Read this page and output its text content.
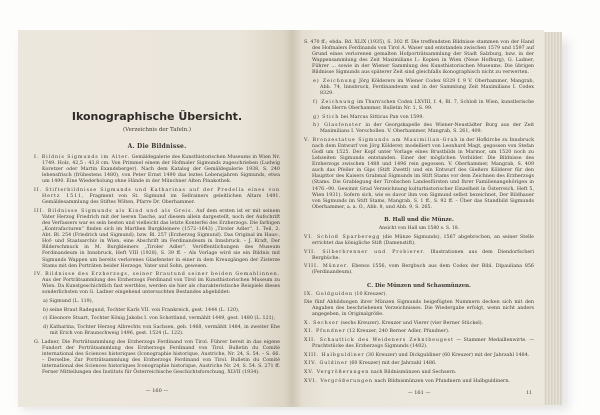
Ikonographische Übersicht.
(Verzeichnis der Tafeln.)
A. Die Bildnisse.

I. Bildnis Sigmunds im Alter. Gemäldegalerie des Kunsthistorischen Museums in Wien Nr. 1749. Holz, 42,5 : 43,8 cm. Von Primmel einem der Hofmaler Sigmunds zugeschrieben (Ludwig Koretzer oder Martin Exandsberger). Nach dem Katalog der Gemäldegalerie 1938, S. 240 lebensfrisch (frühestens 1480), von Peter Ernst 1490 das leztes Lebensjahren Sigmunds, etwa um 1490. Eine Wiederholung ohne Hände in der Münchner Alten Pinakothek.

II. Stifterbildnisse Sigmunds und Katharinas auf der Predella eines von Hertz 1511, Fragment von St. Sigmund im Sellrainers geleitlichen Altars 1491. Gemäldesammlung des Stiftes Wilten, Pfarre Dr. Oberhammer.

III. Bildnisse Sigmunds als Kind und als Greis. Auf dem ersten ist er mit seinem Vater Herzog Friedrich mit der leeren Tasche, auf diesem allein dargestellt, noch der Aufschrift des Verfassers war es sein besten und vielleicht das letzte Konterfei des Erzherzogs. Die farbigen „Kontrafacturen“ finden sich im Marthen Burgkleinere (1572–1643) „Tiroler Adler“, 1. Teil, 2. Abt. Bl. 254 (Friedrich und Sigmund), bzw. Bl. 257 (Erzherzog Sigmund). Das Original im Haus-, Hof- und Staatsarchiv in Wien, eine Abschrift im Ferdinandeum in Innsbruck. – J. Kraft, Der Bilderschmuck in M. Burgkleiners „Tiroler Adler“. Veröffentlichungen des Museum Ferdinandeum in Innsbruck, Heft VIII (1928), S. 39 ff. – Als Vorlage wird sie ein Bildnis mit Sigmunds Wappen um bereits verlorenes Glasfenster in einer in dem Kreuzgängen der Zisterze Stams mit den Porträten beider Herzoge, Vater und Sohn, gewesen.

IV. Bildnisse des Erzherzogs, seiner Brautund seiner beiden Gemahlinnen. Aus der Porträtsammlung des Erzherzogs Ferdinand von Tirol im Kunsthistorischen Museum zu Wien. Da Kunstgeschichtlich fast werthlos, werden sie hier als charakteristische Beispiele dieses sonderlichsten von G. Ladner eingehend untersuchten Bestandes abgebildet:

a) Sigmund (L. 119),

b) seine Braut Radegund, Tochter Karls VII. von Frankreich, gest. 1444 (L. 120),

c) Eleonore Stuart, Tochter König Jakobs I. von Schottland, vermählt 1449, gest. 1480 (L. 121),

d) Katharina, Tochter Herzog Albrechts von Sachsen, geb. 1468, vermählt 1484, in zweiter Ehe mit Erich von Braunschweig 1496, gest. 1524 (L. 122).

G. Ladner, Die Porträtsammlung des Erzherzogs Ferdinand von Tirol. Führer bereit in das eigene Fundort der Porträtsammlung des Erzherzogs Ferdinand von Tirol. Bulletin du Comité international des Sciences historiques (Iconographie historique, Austriche, Nr. 24, S. 54. – S. 66. – Derselbe, Zur Porträtsammlung des Erzherzogs Ferdinand von Tirol. Bulletin du Comité international des Sciences historiques Iconographie historique, Austriche Nr. 24, S. 54. S. 271 ff. Ferner Mitteilungen des Instituts für Österreichische Geschichtsforschung, XLVII (1934).

— 160 —

S. 470 ff.; ebda. Bd. XLIX (1935), S. 302 ff. Die treffendsten Bildnisse stammen von der Hand des Hofmalers Ferdinands von Tirol A. Waser und entstanden zwischen 1579 und 1597 auf Grund eines verlorenen gemalten Hofporträtsammlung der Stadt Salzburg, bzw. in der Wappensammlung des Zeit Maximilians I.: Kopien in Wien (Neue Hofburg), G. Ladner, Führer ... sowie in der Wiener Sammlung des Kunsthistorischen Museums. Die übrigen Bildnisse Sigmunds aus späterer Zeit sind gleichfalls ikonographisch nicht zu verwerten.

e) Zeichnung Jörg Kölderers im Wiener Codex 8329 f. 9 V. Oberhammer, Mangrab, Abb. 74, Innsbruck, Ferdinandeum und in der Sammlung Zeit Maximilians I. Codex 8329.

f) Zeichnung im Thurn'schen Codex LXVIII, f. 4, Bl. 7, Schloß in Wien, kunstlerische dem Herrn Oberhammer. Bulletin Nr. 1, S. 99.

g) Stich bei Marcus Sitticus Pan von 1599.

h) Glasfenster in der Georgskapelle des Wiener-Neustädter Burg aus der Zeit Maximilians I. Verschollen. V. Oberhammer, Mangrab, S. 261, 409.

V. Bronzestatue Sigmunds am Maximilian-Grab in der Hofkirche zu Innsbruck nach dem Entwurf von Jörg Kölderer, modelliert von Leonhard Magt, gegossen von Stefan Godl um 1525. Der Kopf unter Vorlage eines Brustbilds in Marmor, um 1520 noch zu Lebzeiten Sigmunds entstanden. Einer der möglichen Vorbilder. Die Bildnisse des Erzherzogs zwischen 1488 und 1496 rein gegossen. V. Oberhammer, Mangrab, S. 409 auch das Pfeiler in Gips (Stift Zwettl) und ein Entwurf des Gießers Kölderer für den Haupttor des Kaisers Grabmal Sigmunds im Stift Stams vor dem Zeichnen des Erzherzogs (Stams. Die Grablegung der Tirolischen Landesfürsten und Ihrer Familienangehörigen in 1476.–90. Gewinnt Grad Verzeichnung kulturhistorischer Einzelheit in Österreich, Heft 5, Wien 1931). Sofern sich, wie es davor ihm von Sigmund selbst bezeichnet, Der Bildhauer von Sigmunds im Stift Stams, Mangrab, S. 1 ff., S. 92 ff. – Über das Standbild Sigmunds Oberhammer, a. a. O., Abb. 8, und Abb. 9, S. 265.

B. Hall und die Münze.
Ansicht von Hall um 1580 s. S. 18.

VI. Schloß Sparberegg (die Münze Sigmunds), 1567 abgebrochen, an seiner Stelle errichtet das königliche Stift (Damenstift).

VII. Silberbrenner und Probierer. Illustrationen aus dem Diendorfscheri Bergbüche.

VIII. Münzer. Ebenso 1556, vom Bergbuch aus dem Codex der Bibl. Dipauliana 856 (Ferdinandeum).

C. Die Münzen und Schaumünzen.

IX. Goldgulden (10 Kreuzer).

Die fünf Abbildungen ihrer Münzen Sigmunds beigefügten Nummern decken sich mit den Angaben des beschriebenen Verzeichnisses. Die Wiedergabe erfolgt, wenn nicht anders angegeben, in Originalgröße.

X. Sechser (sechs Kreuzer). Kreuzer und Vierer (vier Berner Stückel).

XI. Pfundner (12 Kreuzer, 240 Berner Adler, Pfundner).

XII. Schauttick des Weideners Zehntbeugest — Stammer Medaillenwirte. — Prachtstücke des Erzherzogs Sigmunds (1482).

XIII. Halbguldiner (30 Kreuzer) und Dickguldiner (60 Kreuzer) mit der Jahrzahl 1484.

XIV. Guldiner (60 Kreuzer) mit der Jahrzahl 1486.

XV. Vergrößerungen nach Bildnismünzen und Sechsern.

XVI. Vergrößerungen nach Bildnismünzen von Pfundnern und Halbguldinern.

— 161 —	11
